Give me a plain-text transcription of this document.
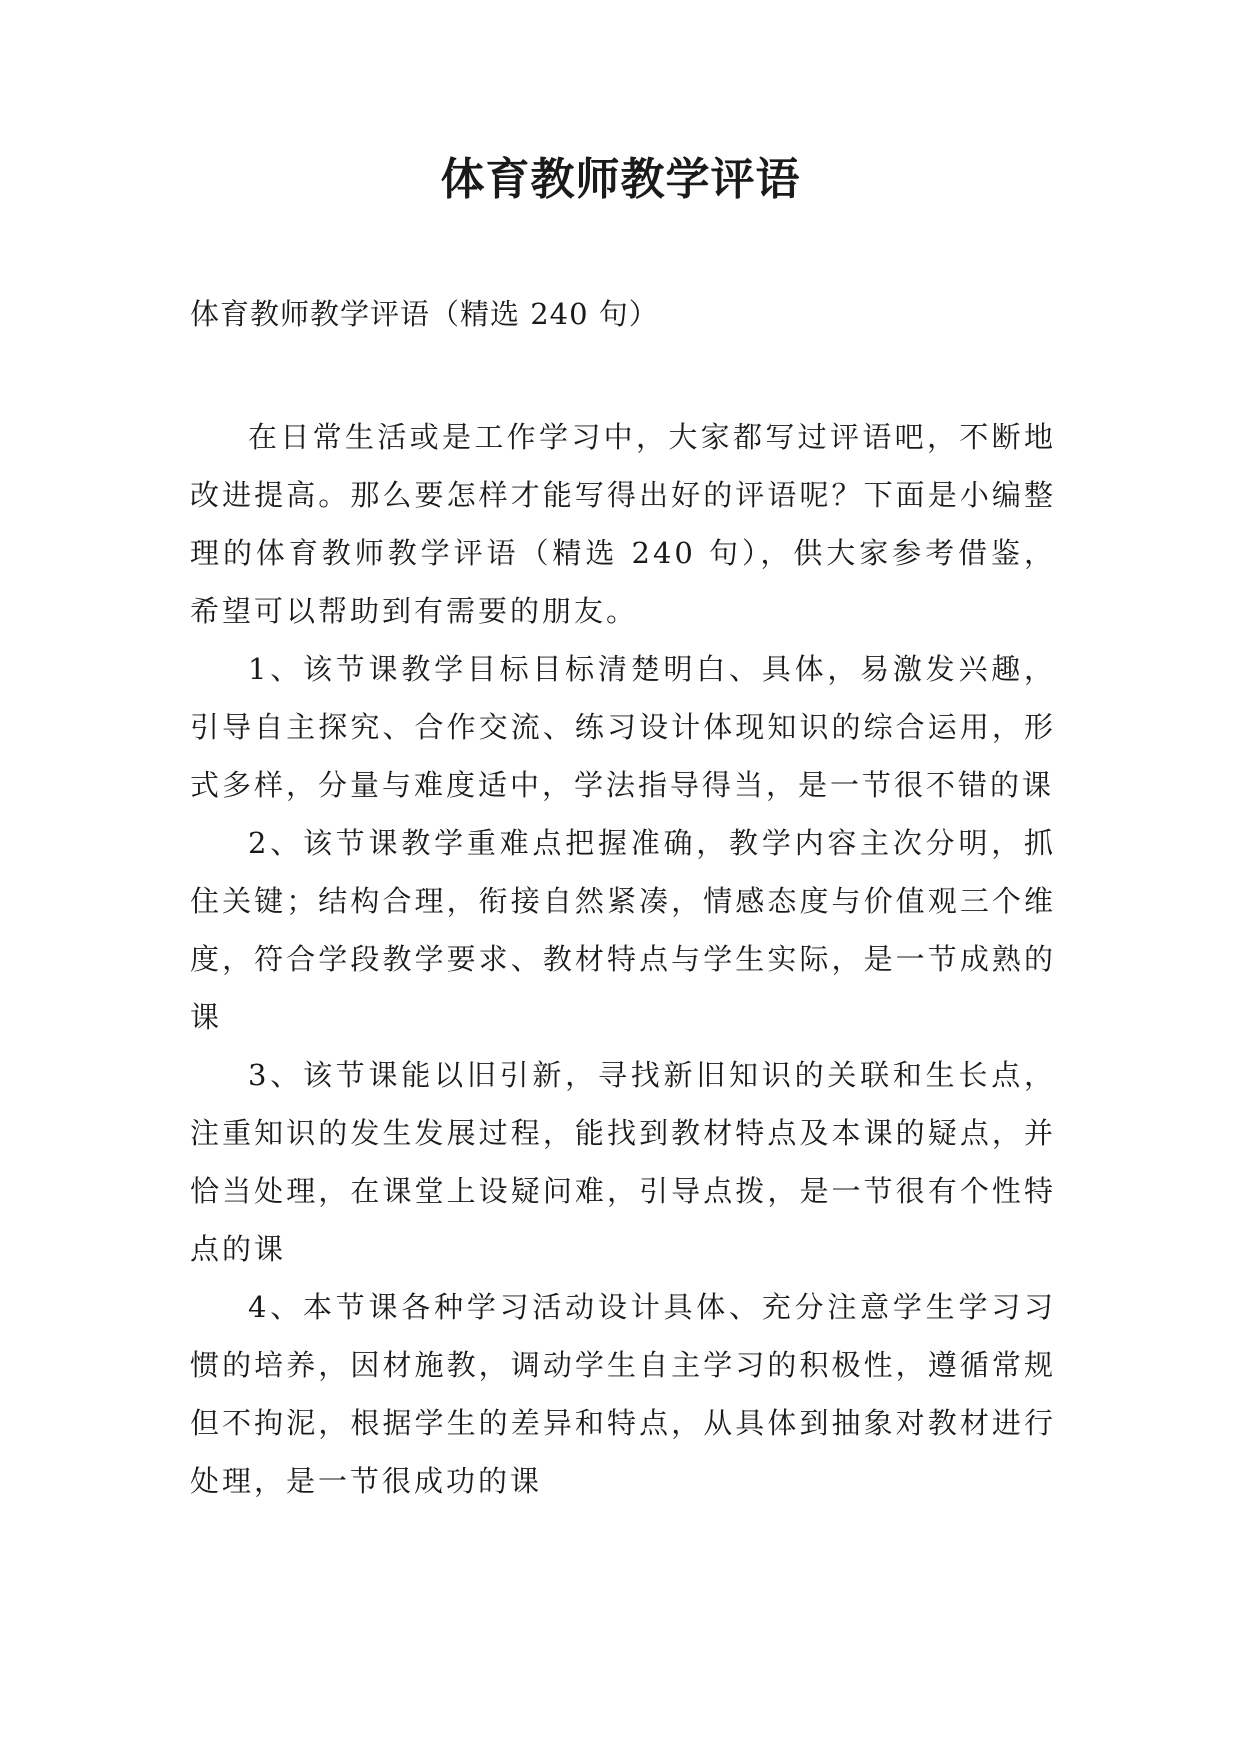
体育教师教学评语

体育教师教学评语（精选 240 句）

在日常生活或是工作学习中，大家都写过评语吧，不断地改进提高。那么要怎样才能写得出好的评语呢？下面是小编整理的体育教师教学评语（精选 240 句），供大家参考借鉴，希望可以帮助到有需要的朋友。

1、该节课教学目标目标清楚明白、具体，易激发兴趣，引导自主探究、合作交流、练习设计体现知识的综合运用，形式多样，分量与难度适中，学法指导得当，是一节很不错的课

2、该节课教学重难点把握准确，教学内容主次分明，抓住关键；结构合理，衔接自然紧凑，情感态度与价值观三个维度，符合学段教学要求、教材特点与学生实际，是一节成熟的课

3、该节课能以旧引新，寻找新旧知识的关联和生长点，注重知识的发生发展过程，能找到教材特点及本课的疑点，并恰当处理，在课堂上设疑问难，引导点拨，是一节很有个性特点的课

4、本节课各种学习活动设计具体、充分注意学生学习习惯的培养，因材施教，调动学生自主学习的积极性，遵循常规但不拘泥，根据学生的差异和特点，从具体到抽象对教材进行处理，是一节很成功的课
